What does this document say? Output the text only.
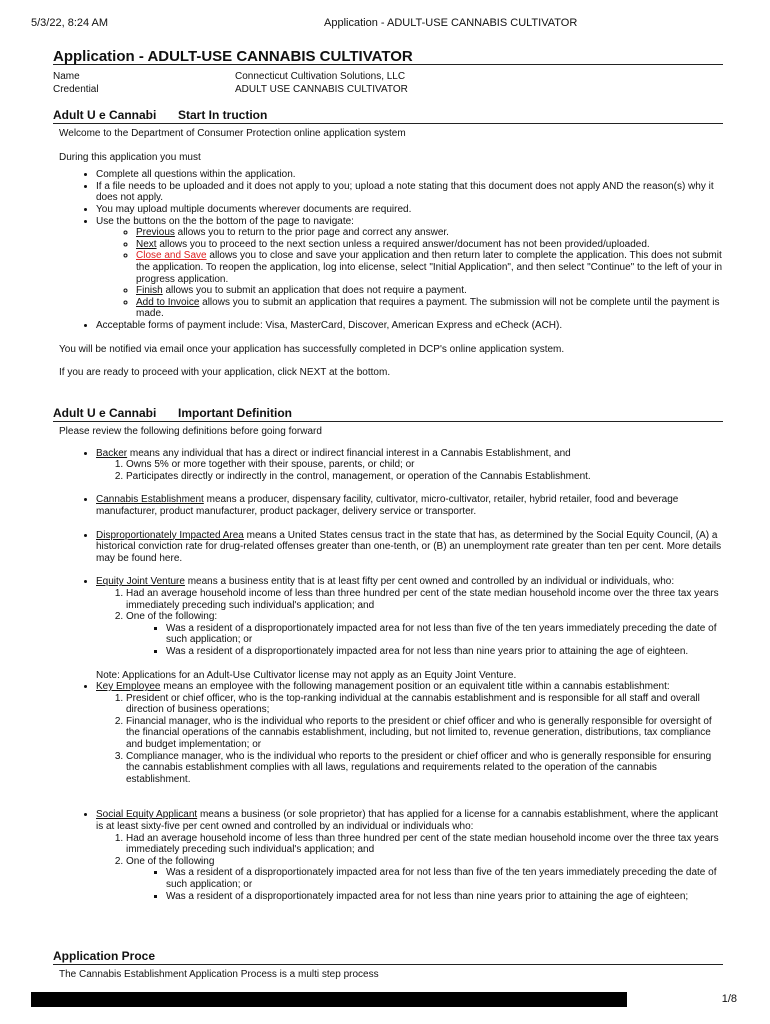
5/3/22, 8:24 AM	Application - ADULT-USE CANNABIS CULTIVATOR
Application - ADULT-USE CANNABIS CULTIVATOR
Name	Connecticut Cultivation Solutions, LLC
Credential	ADULT USE CANNABIS CULTIVATOR
Adult U e Cannabi Start In truction

Welcome to the Department of Consumer Protection online application system

During this application you must

• Complete all questions within the application.
• If a file needs to be uploaded and it does not apply to you; upload a note stating that this document does not apply AND the reason(s) why it does not apply.
• You may upload multiple documents wherever documents are required.
• Use the buttons on the the bottom of the page to navigate:
◦ Previous allows you to return to the prior page and correct any answer.
◦ Next allows you to proceed to the next section unless a required answer/document has not been provided/uploaded.
◦ Close and Save allows you to close and save your application and then return later to complete the application. This does not submit the application. To reopen the application, log into elicense, select "Initial Application", and then select "Continue" to the left of your in progress application.
◦ Finish allows you to submit an application that does not require a payment.
◦ Add to Invoice allows you to submit an application that requires a payment. The submission will not be complete until the payment is made.
• Acceptable forms of payment include: Visa, MasterCard, Discover, American Express and eCheck (ACH).

You will be notified via email once your application has successfully completed in DCP's online application system.

If you are ready to proceed with your application, click NEXT at the bottom.

Adult U e Cannabi Important Definition

Please review the following definitions before going forward

• Backer means any individual that has a direct or indirect financial interest in a Cannabis Establishment, and
1. Owns 5% or more together with their spouse, parents, or child; or
2. Participates directly or indirectly in the control, management, or operation of the Cannabis Establishment.
• Cannabis Establishment means a producer, dispensary facility, cultivator, micro-cultivator, retailer, hybrid retailer, food and beverage manufacturer, product manufacturer, product packager, delivery service or transporter.
• Disproportionately Impacted Area means a United States census tract in the state that has, as determined by the Social Equity Council, (A) a historical conviction rate for drug-related offenses greater than one-tenth, or (B) an unemployment rate greater than ten per cent. More details may be found here.
• Equity Joint Venture means a business entity that is at least fifty per cent owned and controlled by an individual or individuals, who:
1. Had an average household income of less than three hundred per cent of the state median household income over the three tax years immediately preceding such individual's application; and
2. One of the following:
▪ Was a resident of a disproportionately impacted area for not less than five of the ten years immediately preceding the date of such application; or
▪ Was a resident of a disproportionately impacted area for not less than nine years prior to attaining the age of eighteen.

Note: Applications for an Adult-Use Cultivator license may not apply as an Equity Joint Venture.

• Key Employee means an employee with the following management position or an equivalent title within a cannabis establishment:
1. President or chief officer, who is the top-ranking individual at the cannabis establishment and is responsible for all staff and overall direction of business operations;
2. Financial manager, who is the individual who reports to the president or chief officer and who is generally responsible for oversight of the financial operations of the cannabis establishment, including, but not limited to, revenue generation, distributions, tax compliance and budget implementation; or
3. Compliance manager, who is the individual who reports to the president or chief officer and who is generally responsible for ensuring the cannabis establishment complies with all laws, regulations and requirements related to the operation of the cannabis establishment.
• Social Equity Applicant means a business (or sole proprietor) that has applied for a license for a cannabis establishment, where the applicant is at least sixty-five per cent owned and controlled by an individual or individuals who:
1. Had an average household income of less than three hundred per cent of the state median household income over the three tax years immediately preceding such individual's application; and
2. One of the following
▪ Was a resident of a disproportionately impacted area for not less than five of the ten years immediately preceding the date of such application; or
▪ Was a resident of a disproportionately impacted area for not less than nine years prior to attaining the age of eighteen;
Application Proce

The Cannabis Establishment Application Process is a multi step process

1/8
